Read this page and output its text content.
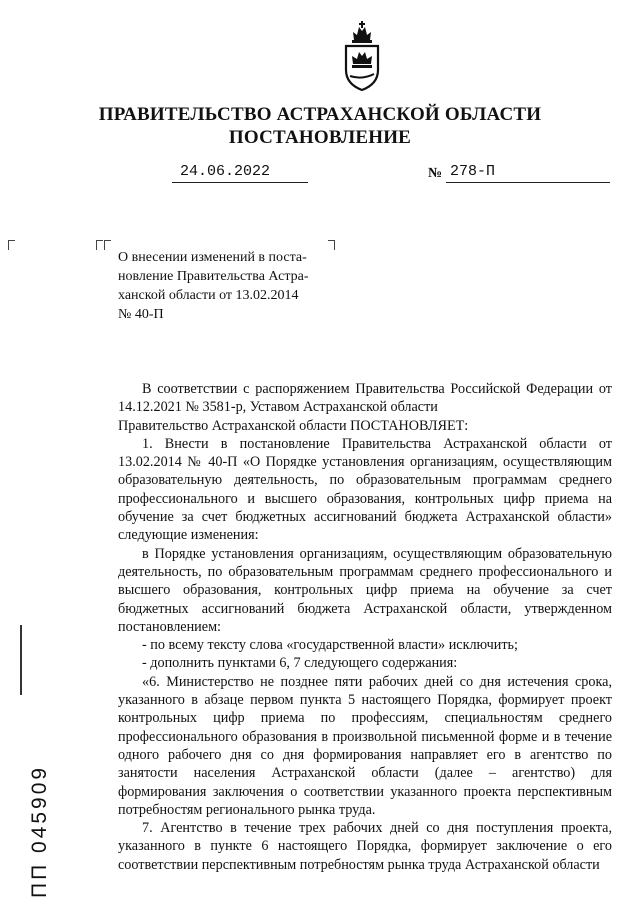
ПРАВИТЕЛЬСТВО АСТРАХАНСКОЙ ОБЛАСТИ
ПОСТАНОВЛЕНИЕ
24.06.2022	№ 278-П

О внесении изменений в поста-

новление Правительства Астра-

ханской области от 13.02.2014

№ 40-П

В соответствии с распоряжением Правительства Российской Федерации от 14.12.2021 № 3581-р, Уставом Астраханской области

Правительство Астраханской области ПОСТАНОВЛЯЕТ:

1. Внести в постановление Правительства Астраханской области от 13.02.2014 № 40-П «О Порядке установления организациям, осуществляющим образовательную деятельность, по образовательным программам среднего профессионального и высшего образования, контрольных цифр приема на обучение за счет бюджетных ассигнований бюджета Астраханской области» следующие изменения:

в Порядке установления организациям, осуществляющим образовательную деятельность, по образовательным программам среднего профессионального и высшего образования, контрольных цифр приема на обучение за счет бюджетных ассигнований бюджета Астраханской области, утвержденном постановлением:

- по всему тексту слова «государственной власти» исключить;

- дополнить пунктами 6, 7 следующего содержания:

«6. Министерство не позднее пяти рабочих дней со дня истечения срока, указанного в абзаце первом пункта 5 настоящего Порядка, формирует проект контрольных цифр приема по профессиям, специальностям среднего профессионального образования в произвольной письменной форме и в течение одного рабочего дня со дня формирования направляет его в агентство по занятости населения Астраханской области (далее – агентство) для формирования заключения о соответствии указанного проекта перспективным потребностям регионального рынка труда.

7. Агентство в течение трех рабочих дней со дня поступления проекта, указанного в пункте 6 настоящего Порядка, формирует заключение о его соответствии перспективным потребностям рынка труда Астраханской области

ПП 045909
